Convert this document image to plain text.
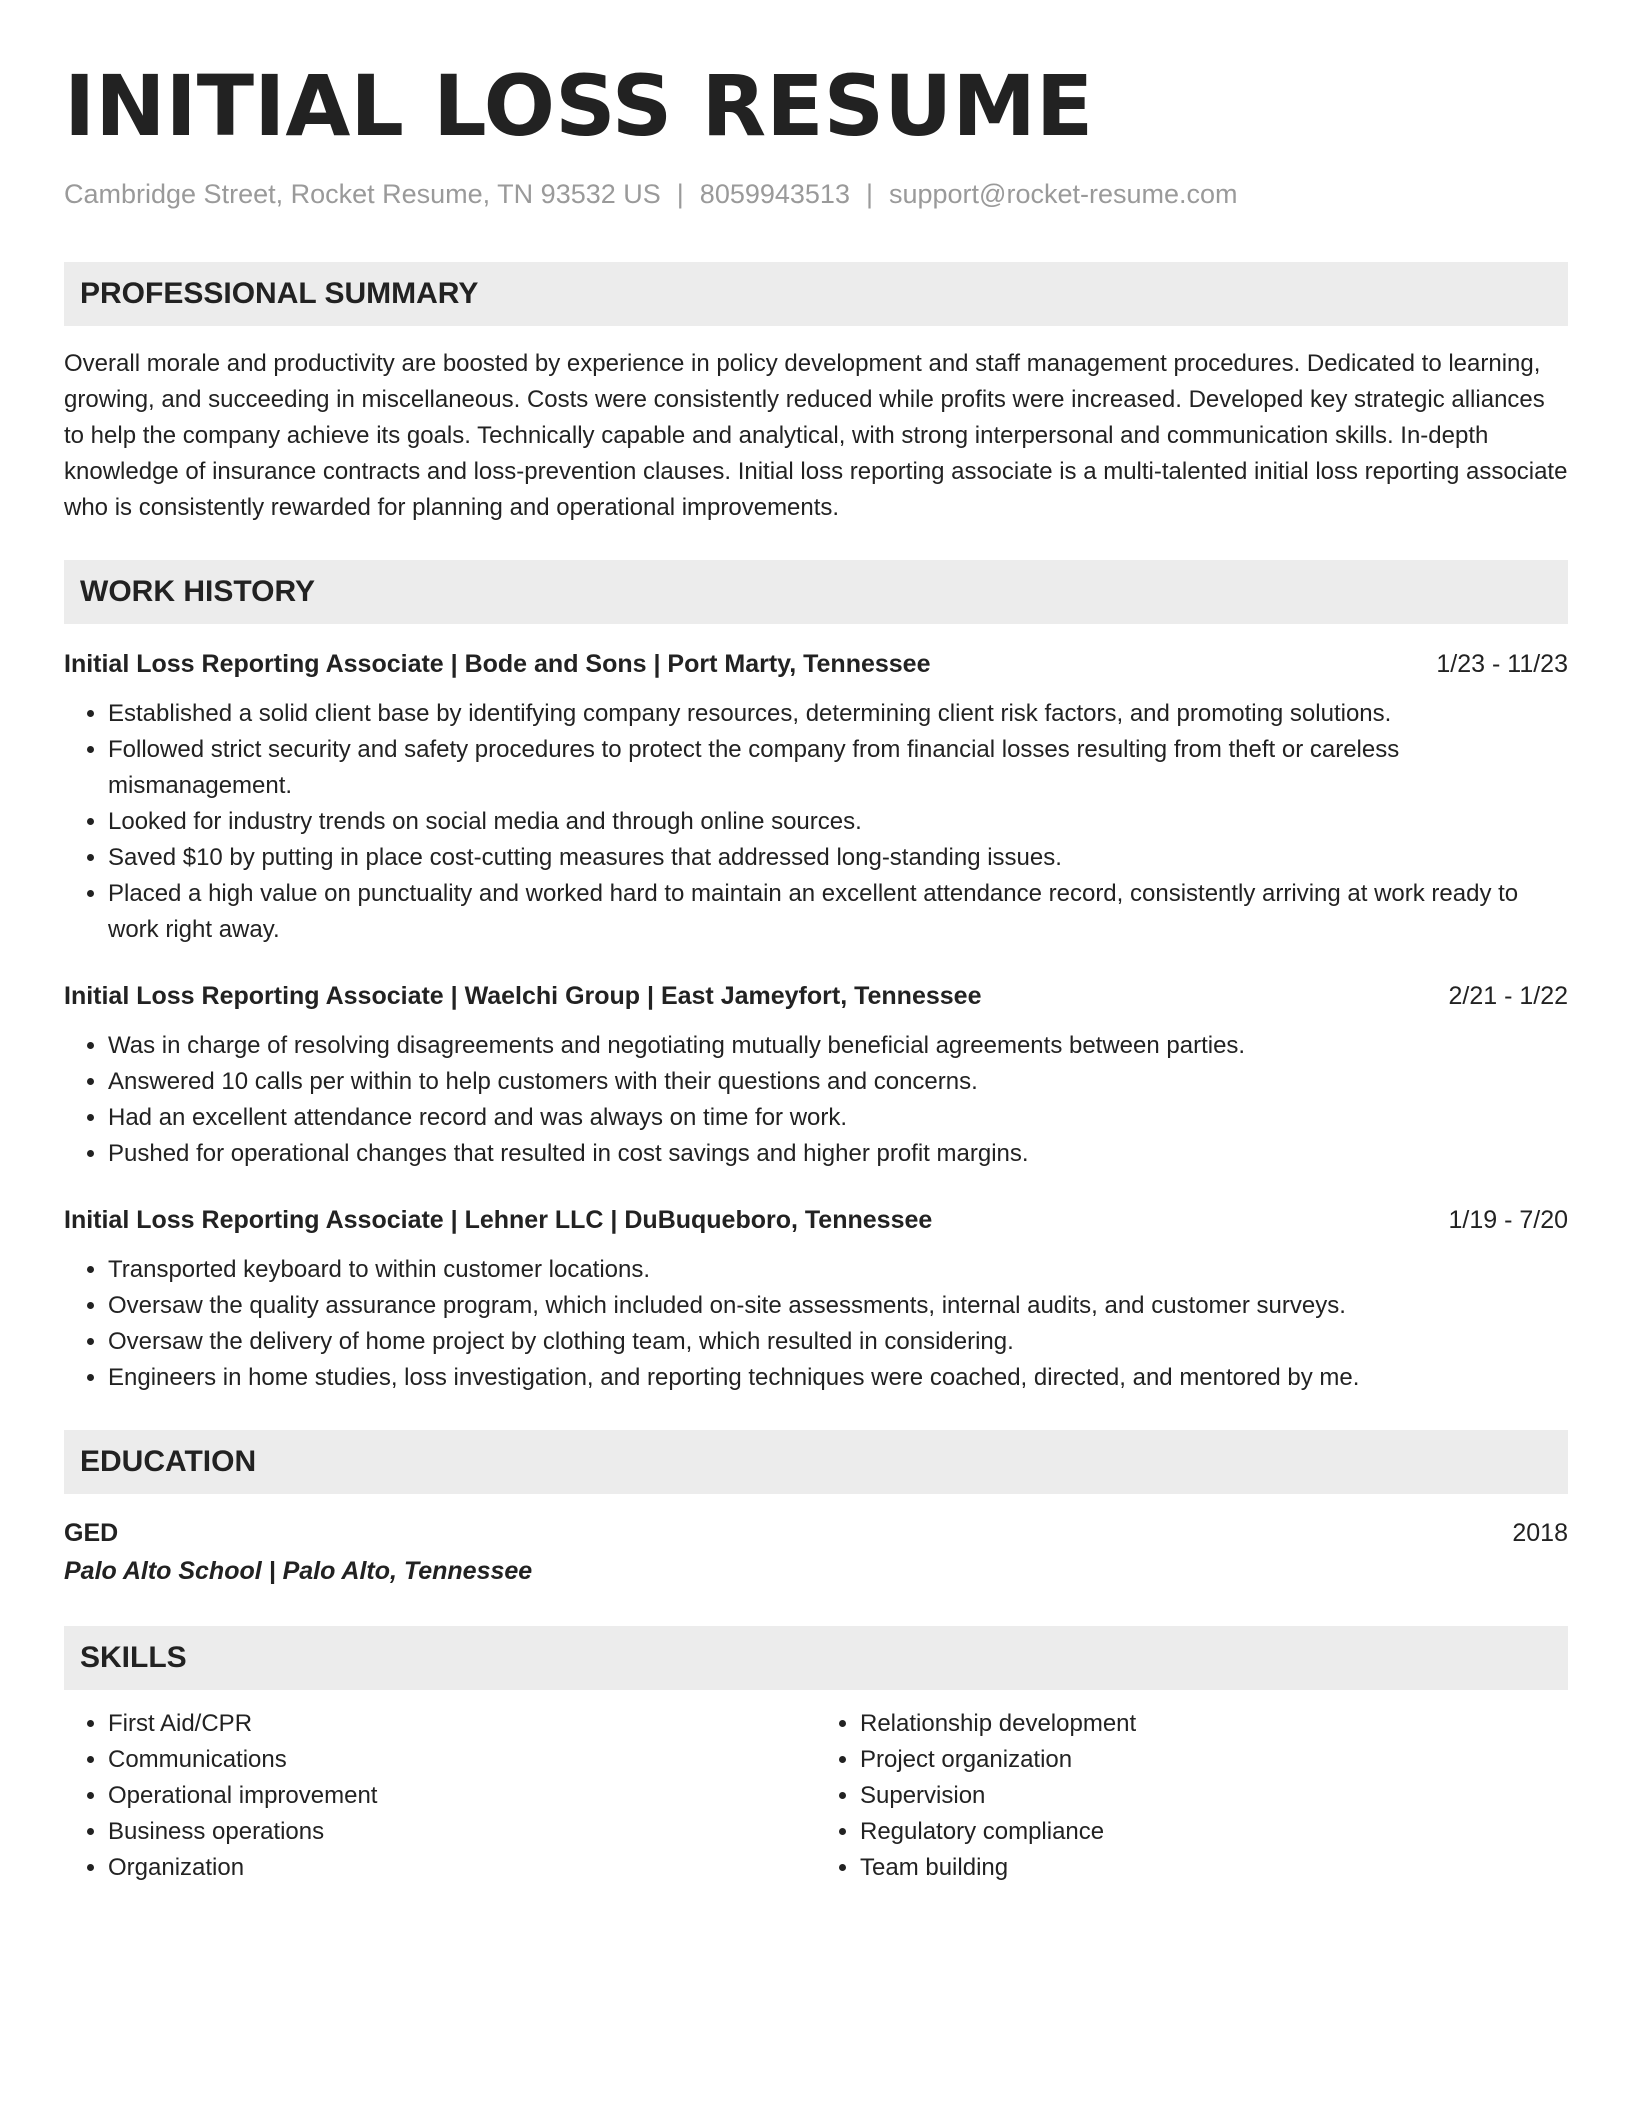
INITIAL LOSS RESUME
Cambridge Street, Rocket Resume, TN 93532 US | 8059943513 | support@rocket-resume.com
PROFESSIONAL SUMMARY

Overall morale and productivity are boosted by experience in policy development and staff management procedures. Dedicated to learning, growing, and succeeding in miscellaneous. Costs were consistently reduced while profits were increased. Developed key strategic alliances to help the company achieve its goals. Technically capable and analytical, with strong interpersonal and communication skills. In-depth knowledge of insurance contracts and loss-prevention clauses. Initial loss reporting associate is a multi-talented initial loss reporting associate who is consistently rewarded for planning and operational improvements.

WORK HISTORY
Initial Loss Reporting Associate | Bode and Sons | Port Marty, Tennessee	1/23 - 11/23
• Established a solid client base by identifying company resources, determining client risk factors, and promoting solutions.
• Followed strict security and safety procedures to protect the company from financial losses resulting from theft or careless mismanagement.
• Looked for industry trends on social media and through online sources.
• Saved $10 by putting in place cost-cutting measures that addressed long-standing issues.
• Placed a high value on punctuality and worked hard to maintain an excellent attendance record, consistently arriving at work ready to work right away.
Initial Loss Reporting Associate | Waelchi Group | East Jameyfort, Tennessee	2/21 - 1/22
• Was in charge of resolving disagreements and negotiating mutually beneficial agreements between parties.
• Answered 10 calls per within to help customers with their questions and concerns.
• Had an excellent attendance record and was always on time for work.
• Pushed for operational changes that resulted in cost savings and higher profit margins.
Initial Loss Reporting Associate | Lehner LLC | DuBuqueboro, Tennessee	1/19 - 7/20
• Transported keyboard to within customer locations.
• Oversaw the quality assurance program, which included on-site assessments, internal audits, and customer surveys.
• Oversaw the delivery of home project by clothing team, which resulted in considering.
• Engineers in home studies, loss investigation, and reporting techniques were coached, directed, and mentored by me.
EDUCATION
GED	2018
Palo Alto School | Palo Alto, Tennessee
SKILLS
• First Aid/CPR
• Communications
• Operational improvement
• Business operations
• Organization
• Relationship development
• Project organization
• Supervision
• Regulatory compliance
• Team building
